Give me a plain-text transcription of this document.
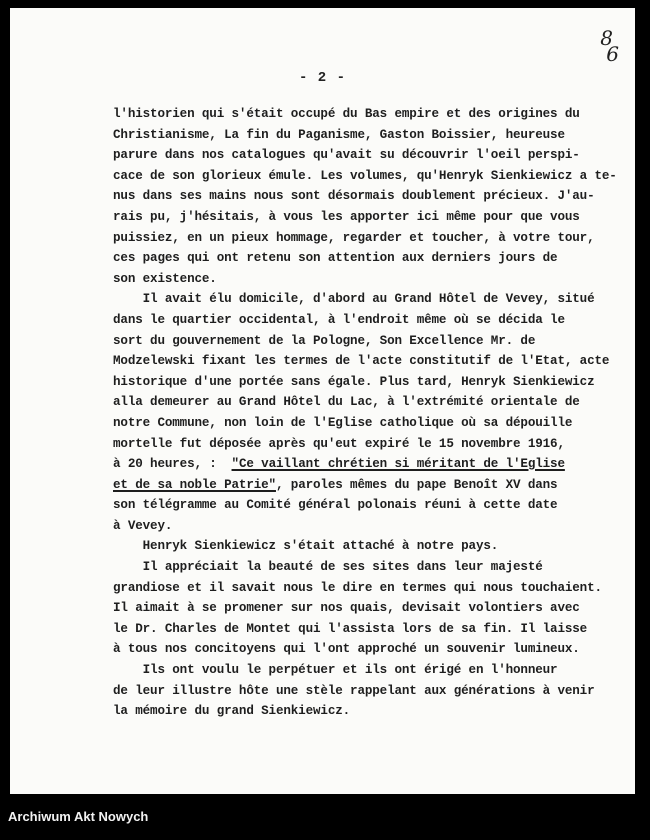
8
6
- 2 -
l'historien qui s'était occupé du Bas empire et des origines du
Christianisme, La fin du Paganisme, Gaston Boissier, heureuse
parure dans nos catalogues qu'avait su découvrir l'oeil perspi-
cace de son glorieux émule. Les volumes, qu'Henryk Sienkiewicz a te-
nus dans ses mains nous sont désormais doublement précieux. J'au-
rais pu, j'hésitais, à vous les apporter ici même pour que vous
puissiez, en un pieux hommage, regarder et toucher, à votre tour,
ces pages qui ont retenu son attention aux derniers jours de
son existence.
Il avait élu domicile, d'abord au Grand Hôtel de Vevey, situé
dans le quartier occidental, à l'endroit même où se décida le
sort du gouvernement de la Pologne, Son Excellence Mr. de
Modzelewski fixant les termes de l'acte constitutif de l'Etat, acte
historique d'une portée sans égale. Plus tard, Henryk Sienkiewicz
alla demeurer au Grand Hôtel du Lac, à l'extrémité orientale de
notre Commune, non loin de l'Eglise catholique où sa dépouille
mortelle fut déposée après qu'eut expiré le 15 novembre 1916,
à 20 heures, :  "Ce vaillant chrétien si méritant de l'Eglise
et de sa noble Patrie", paroles mêmes du pape Benoît XV dans
son télégramme au Comité général polonais réuni à cette date
à Vevey.
Henryk Sienkiewicz s'était attaché à notre pays.
Il appréciait la beauté de ses sites dans leur majesté
grandiose et il savait nous le dire en termes qui nous touchaient.
Il aimait à se promener sur nos quais, devisait volontiers avec
le Dr. Charles de Montet qui l'assista lors de sa fin. Il laisse
à tous nos concitoyens qui l'ont approché un souvenir lumineux.
Ils ont voulu le perpétuer et ils ont érigé en l'honneur
de leur illustre hôte une stèle rappelant aux générations à venir
la mémoire du grand Sienkiewicz.
Archiwum Akt Nowych
